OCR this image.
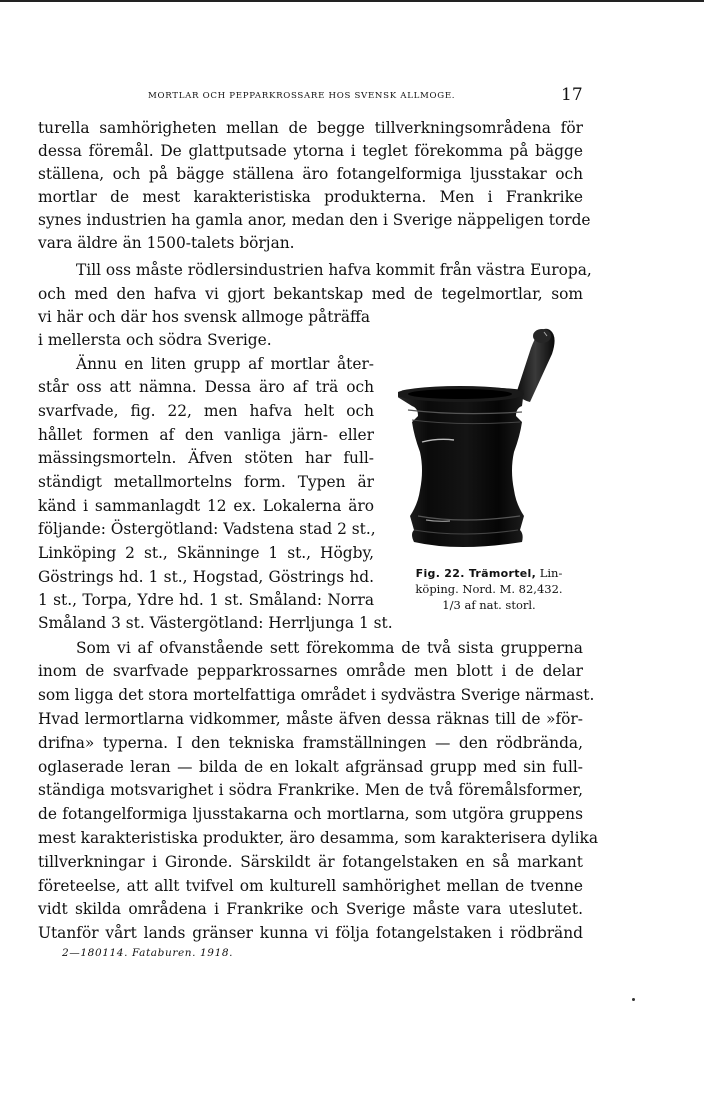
MORTLAR OCH PEPPARKROSSARE HOS SVENSK ALLMOGE.	17
turella samhörigheten mellan de begge tillverkningsområdena för
dessa föremål. De glattputsade ytorna i teglet förekomma på bägge
ställena, och på bägge ställena äro fotangelformiga ljusstakar och
mortlar de mest karakteristiska produkterna. Men i Frankrike
synes industrien ha gamla anor, medan den i Sverige näppeligen torde
vara äldre än 1500-talets början.
Till oss måste rödlersindustrien hafva kommit från västra Europa,
och med den hafva vi gjort bekantskap med de tegelmortlar, som
vi här och där hos svensk allmoge påträffa
i mellersta och södra Sverige.
Ännu en liten grupp af mortlar åter-
står oss att nämna. Dessa äro af trä och
svarfvade, fig. 22, men hafva helt och
hållet formen af den vanliga järn- eller
mässingsmorteln. Äfven stöten har full-
ständigt metallmortelns form. Typen är
känd i sammanlagdt 12 ex. Lokalerna äro
följande: Östergötland: Vadstena stad 2 st.,
Linköping 2 st., Skänninge 1 st., Högby,
Göstrings hd. 1 st., Hogstad, Göstrings hd.
1 st., Torpa, Ydre hd. 1 st. Småland: Norra
Småland 3 st. Västergötland: Herrljunga 1 st.
Som vi af ofvanstående sett förekomma de två sista grupperna
inom de svarfvade pepparkrossarnes område men blott i de delar
som ligga det stora mortelfattiga området i sydvästra Sverige närmast.
Hvad lermortlarna vidkommer, måste äfven dessa räknas till de »för-
drifna» typerna. I den tekniska framställningen — den rödbrända,
oglaserade leran — bilda de en lokalt afgränsad grupp med sin full-
ständiga motsvarighet i södra Frankrike. Men de två föremålsformer,
de fotangelformiga ljusstakarna och mortlarna, som utgöra gruppens
mest karakteristiska produkter, äro desamma, som karakterisera dylika
tillverkningar i Gironde. Särskildt är fotangelstaken en så markant
företeelse, att allt tvifvel om kulturell samhörighet mellan de tvenne
vidt skilda områdena i Frankrike och Sverige måste vara uteslutet.
Utanför vårt lands gränser kunna vi följa fotangelstaken i rödbränd
Fig. 22. Trämortel, Lin-
köping. Nord. M. 82,432.
1/3 af nat. storl.
2—180114. Fataburen. 1918.
